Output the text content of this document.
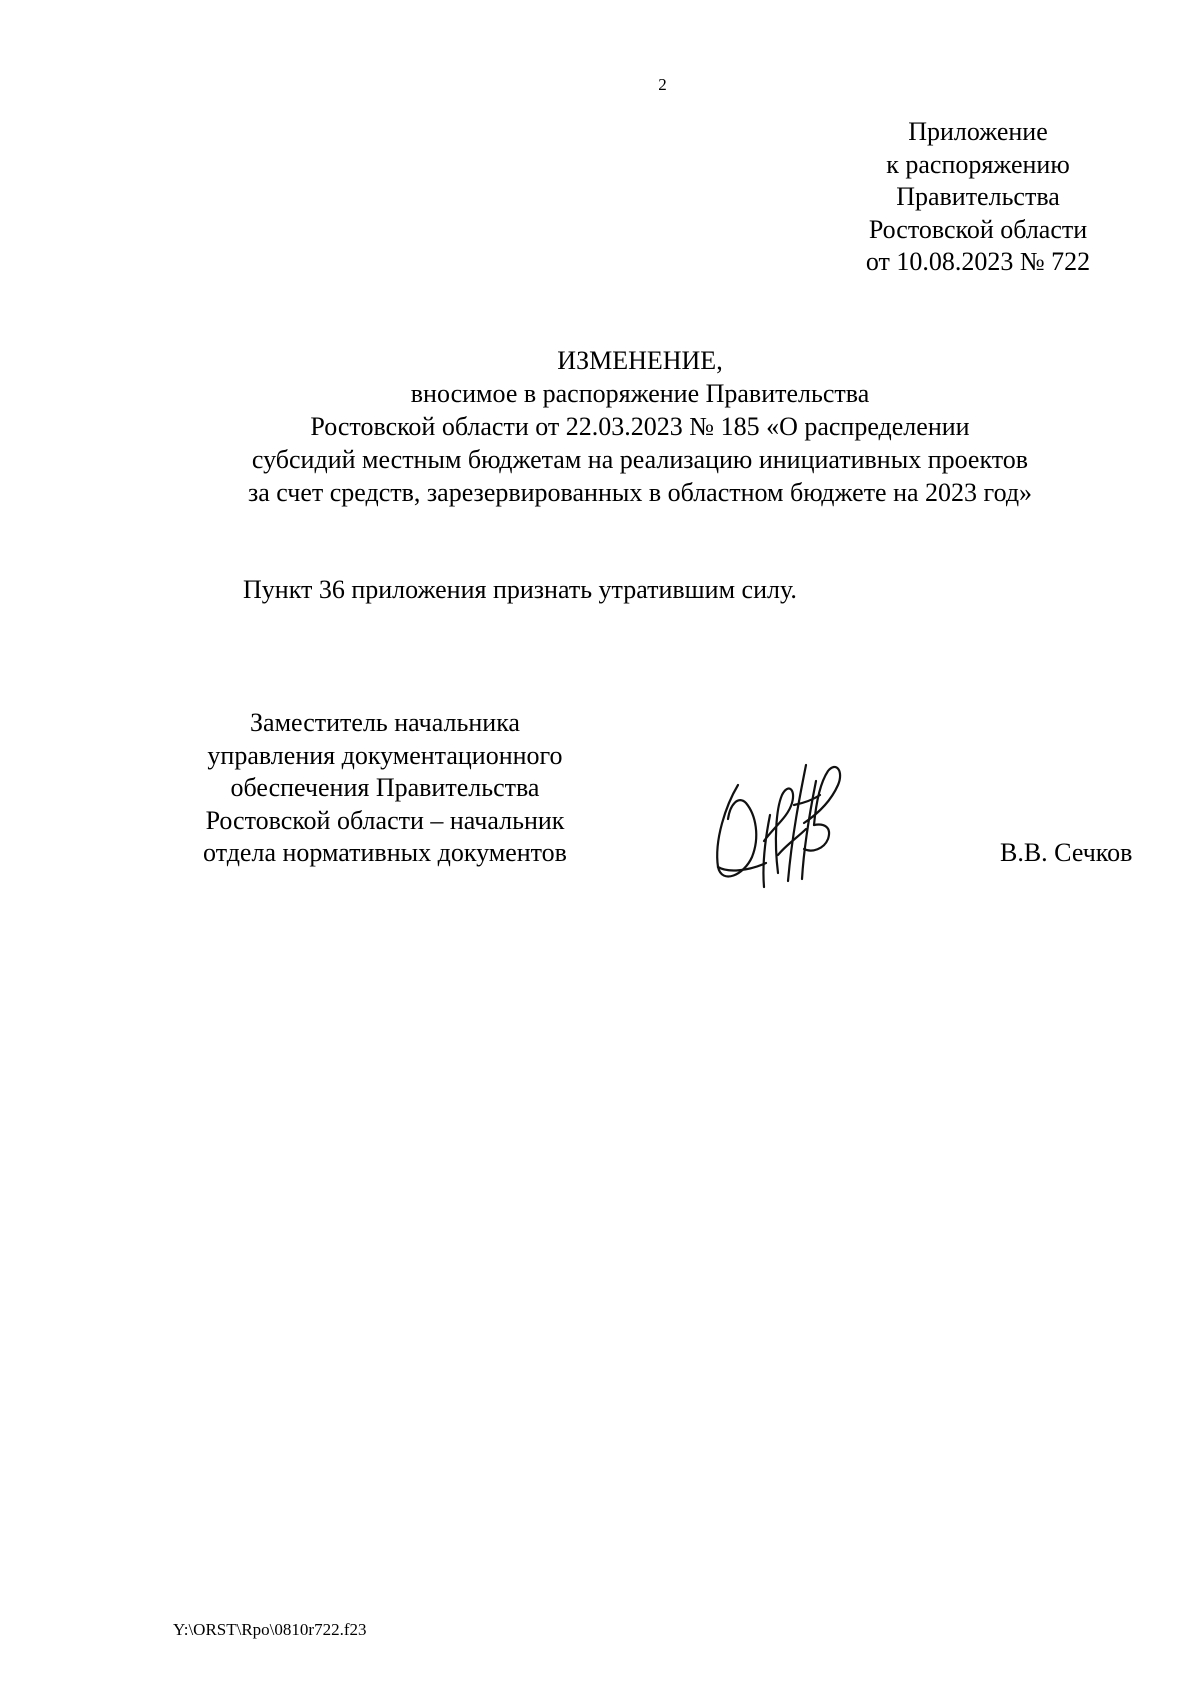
2
Приложение
к распоряжению
Правительства
Ростовской области
от 10.08.2023 № 722
ИЗМЕНЕНИЕ,
вносимое в распоряжение Правительства
Ростовской области от 22.03.2023 № 185 «О распределении
субсидий местным бюджетам на реализацию инициативных проектов
за счет средств, зарезервированных в областном бюджете на 2023 год»
Пункт 36 приложения признать утратившим силу.
Заместитель начальника
управления документационного
обеспечения Правительства
Ростовской области – начальник
отдела нормативных документов	В.В. Сечков
Y:\ORST\Rpo\0810r722.f23
